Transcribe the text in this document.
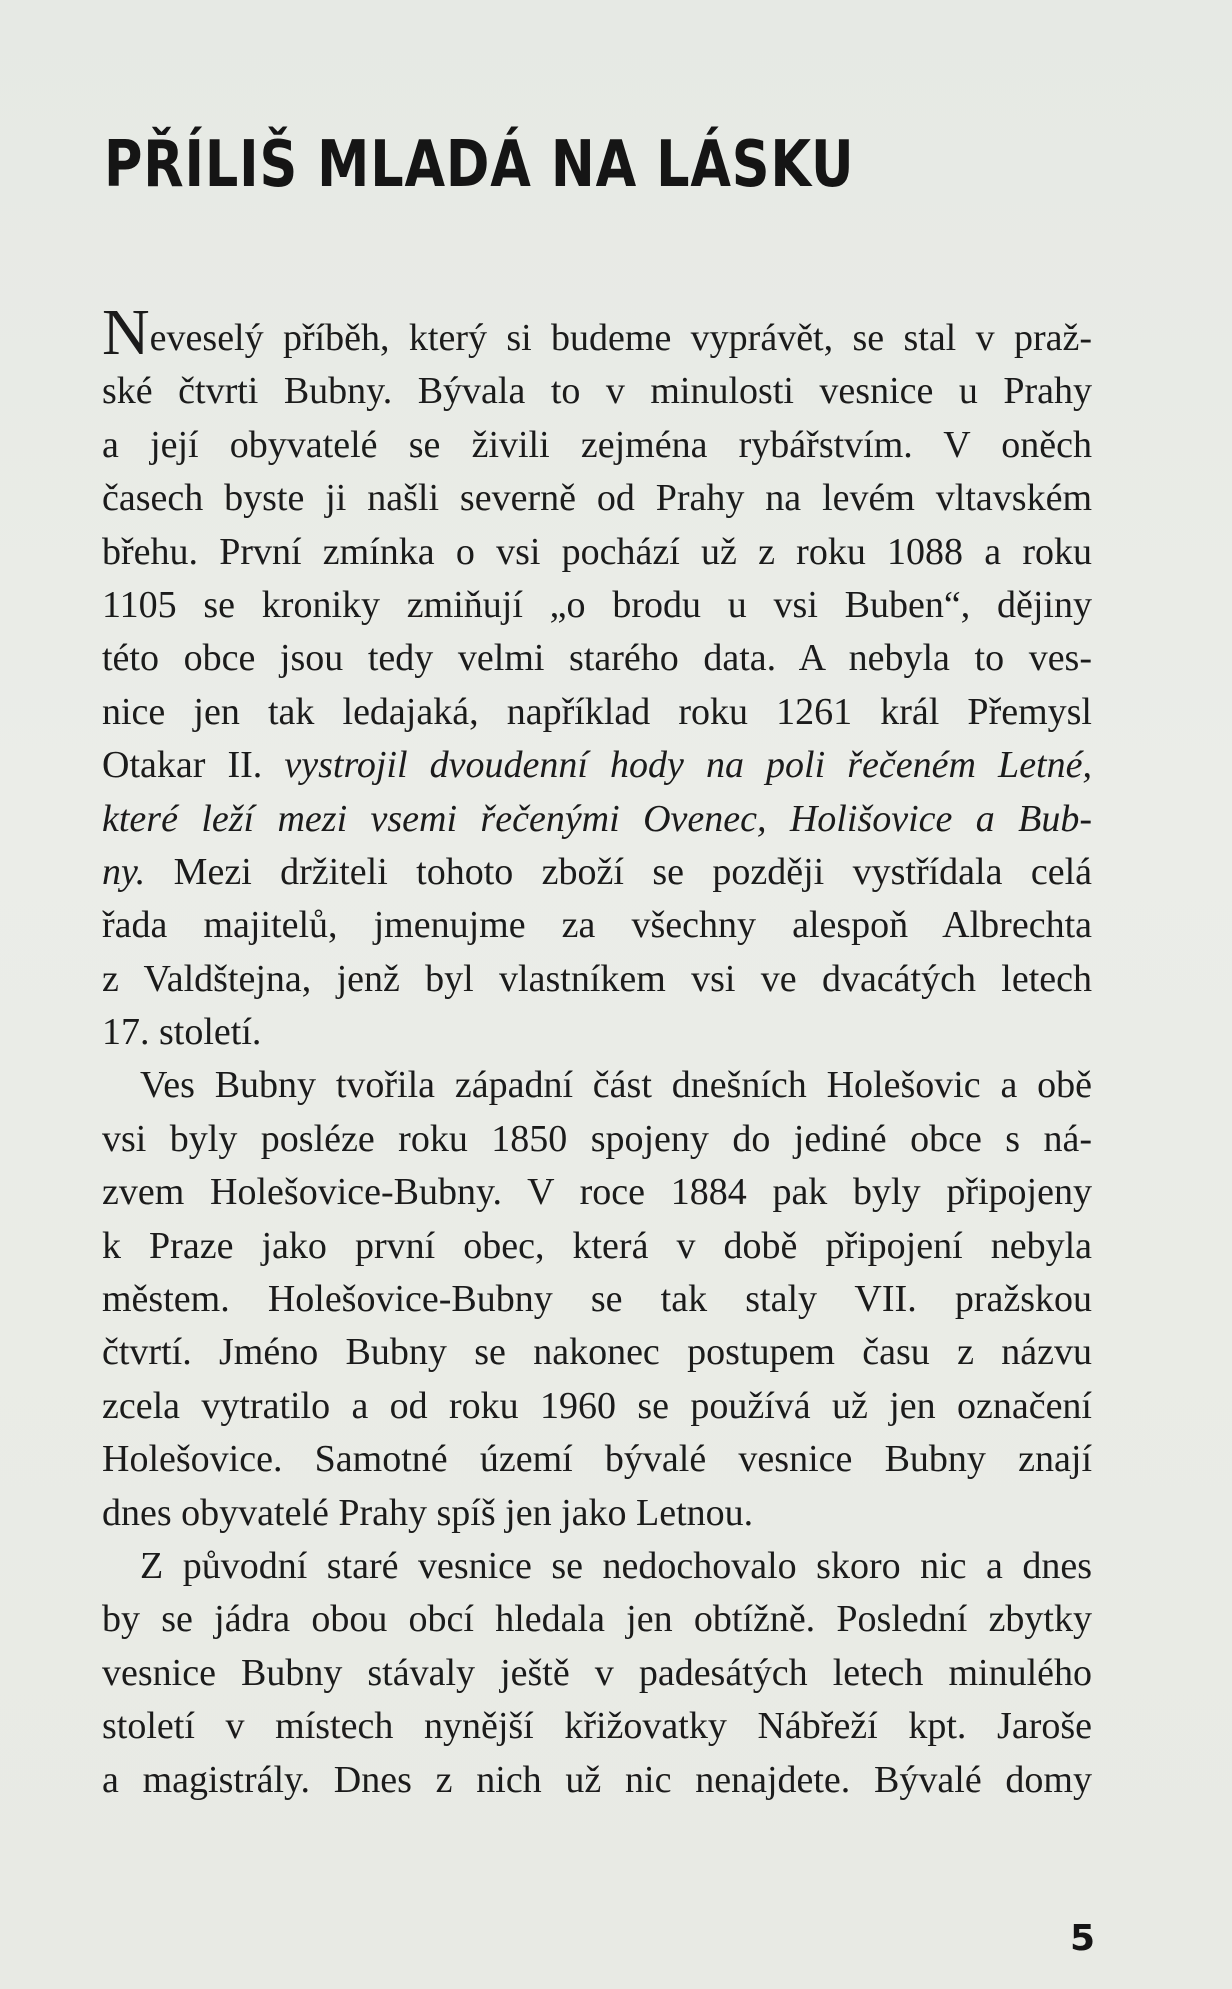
PŘÍLIŠ MLADÁ NA LÁSKU
Neveselý příběh, který si budeme vyprávět, se stal v praž-
ské čtvrti Bubny. Bývala to v minulosti vesnice u Prahy
a její obyvatelé se živili zejména rybářstvím. V oněch
časech byste ji našli severně od Prahy na levém vltavském
břehu. První zmínka o vsi pochází už z roku 1088 a roku
1105 se kroniky zmiňují „o brodu u vsi Buben“, dějiny
této obce jsou tedy velmi starého data. A nebyla to ves-
nice jen tak ledajaká, například roku 1261 král Přemysl
Otakar II. vystrojil dvoudenní hody na poli řečeném Letné,
které leží mezi vsemi řečenými Ovenec, Holišovice a Bub-
ny. Mezi držiteli tohoto zboží se později vystřídala celá
řada majitelů, jmenujme za všechny alespoň Albrechta
z Valdštejna, jenž byl vlastníkem vsi ve dvacátých letech
17. století.
Ves Bubny tvořila západní část dnešních Holešovic a obě
vsi byly posléze roku 1850 spojeny do jediné obce s ná-
zvem Holešovice-Bubny. V roce 1884 pak byly připojeny
k Praze jako první obec, která v době připojení nebyla
městem. Holešovice-Bubny se tak staly VII. pražskou
čtvrtí. Jméno Bubny se nakonec postupem času z názvu
zcela vytratilo a od roku 1960 se používá už jen označení
Holešovice. Samotné území bývalé vesnice Bubny znají
dnes obyvatelé Prahy spíš jen jako Letnou.
Z původní staré vesnice se nedochovalo skoro nic a dnes
by se jádra obou obcí hledala jen obtížně. Poslední zbytky
vesnice Bubny stávaly ještě v padesátých letech minulého
století v místech nynější křižovatky Nábřeží kpt. Jaroše
a magistrály. Dnes z nich už nic nenajdete. Bývalé domy
5
